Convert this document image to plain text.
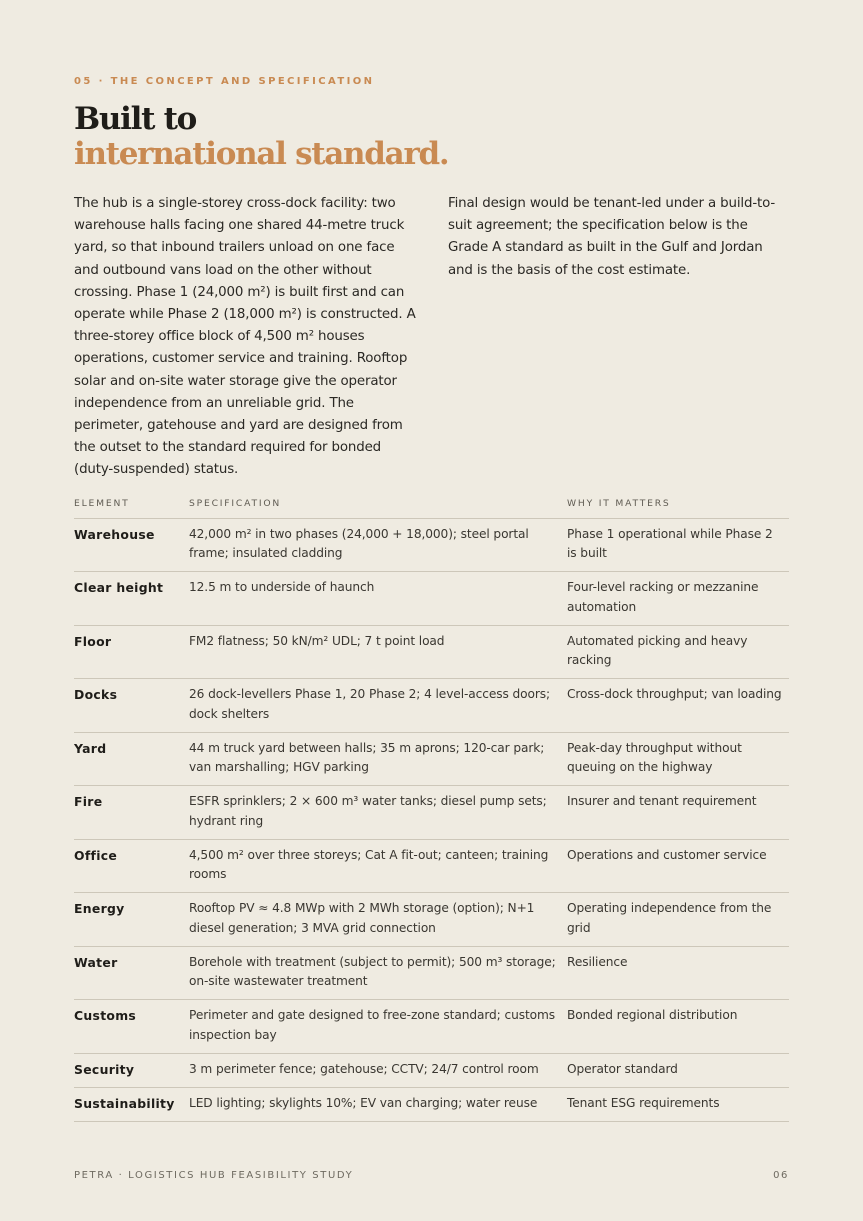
05 · THE CONCEPT AND SPECIFICATION
Built to
international standard.

The hub is a single-storey cross-dock facility: two warehouse halls facing one shared 44-metre truck yard, so that inbound trailers unload on one face and outbound vans load on the other without crossing. Phase 1 (24,000 m²) is built first and can operate while Phase 2 (18,000 m²) is constructed. A three-storey office block of 4,500 m² houses operations, customer service and training. Rooftop solar and on-site water storage give the operator independence from an unreliable grid. The perimeter, gatehouse and yard are designed from the outset to the standard required for bonded (duty-suspended) status.

Final design would be tenant-led under a build-to-suit agreement; the specification below is the Grade A standard as built in the Gulf and Jordan and is the basis of the cost estimate.

ELEMENT	SPECIFICATION	WHY IT MATTERS
Warehouse	42,000 m² in two phases (24,000 + 18,000); steel portal frame; insulated cladding	Phase 1 operational while Phase 2 is built
Clear height	12.5 m to underside of haunch	Four-level racking or mezzanine automation
Floor	FM2 flatness; 50 kN/m² UDL; 7 t point load	Automated picking and heavy racking
Docks	26 dock-levellers Phase 1, 20 Phase 2; 4 level-access doors; dock shelters	Cross-dock throughput; van loading
Yard	44 m truck yard between halls; 35 m aprons; 120-car park; van marshalling; HGV parking	Peak-day throughput without queuing on the highway
Fire	ESFR sprinklers; 2 × 600 m³ water tanks; diesel pump sets; hydrant ring	Insurer and tenant requirement
Office	4,500 m² over three storeys; Cat A fit-out; canteen; training rooms	Operations and customer service
Energy	Rooftop PV ≈ 4.8 MWp with 2 MWh storage (option); N+1 diesel generation; 3 MVA grid connection	Operating independence from the grid
Water	Borehole with treatment (subject to permit); 500 m³ storage; on-site wastewater treatment	Resilience
Customs	Perimeter and gate designed to free-zone standard; customs inspection bay	Bonded regional distribution
Security	3 m perimeter fence; gatehouse; CCTV; 24/7 control room	Operator standard
Sustainability	LED lighting; skylights 10%; EV van charging; water reuse	Tenant ESG requirements
PETRA · LOGISTICS HUB FEASIBILITY STUDY	06
